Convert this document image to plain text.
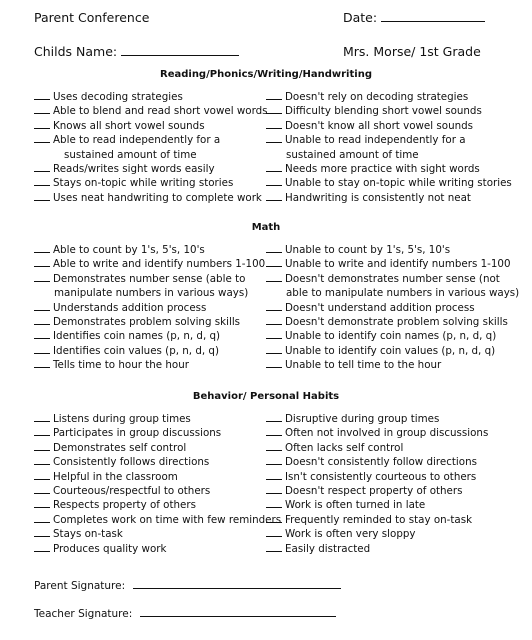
Parent Conference	Date:
Childs Name:	Mrs. Morse/ 1st Grade
Reading/Phonics/Writing/Handwriting
Math
Behavior/ Personal Habits
Uses decoding strategies
Able to blend and read short vowel words
Knows all short vowel sounds
Able to read independently for a
sustained amount of time
Reads/writes sight words easily
Stays on-topic while writing stories
Uses neat handwriting to complete work
Doesn't rely on decoding strategies
Difficulty blending short vowel sounds
Doesn't know all short vowel sounds
Unable to read independently for a
sustained amount of time
Needs more practice with sight words
Unable to stay on-topic while writing stories
Handwriting is consistently not neat
Able to count by 1's, 5's, 10's
Able to write and identify numbers 1-100
Demonstrates number sense (able to
manipulate numbers in various ways)
Understands addition process
Demonstrates problem solving skills
Identifies coin names (p, n, d, q)
Identifies coin values (p, n, d, q)
Tells time to hour the hour
Unable to count by 1's, 5's, 10's
Unable to write and identify numbers 1-100
Doesn't demonstrates number sense (not
able to manipulate numbers in various ways)
Doesn't understand addition process
Doesn't demonstrate problem solving skills
Unable to identify coin names (p, n, d, q)
Unable to identify coin values (p, n, d, q)
Unable to tell time to the hour
Listens during group times
Participates in group discussions
Demonstrates self control
Consistently follows directions
Helpful in the classroom
Courteous/respectful to others
Respects property of others
Completes work on time with few reminders
Stays on-task
Produces quality work
Disruptive during group times
Often not involved in group discussions
Often lacks self control
Doesn't consistently follow directions
Isn't consistently courteous to others
Doesn't respect property of others
Work is often turned in late
Frequently reminded to stay on-task
Work is often very sloppy
Easily distracted
Parent Signature:
Teacher Signature:
